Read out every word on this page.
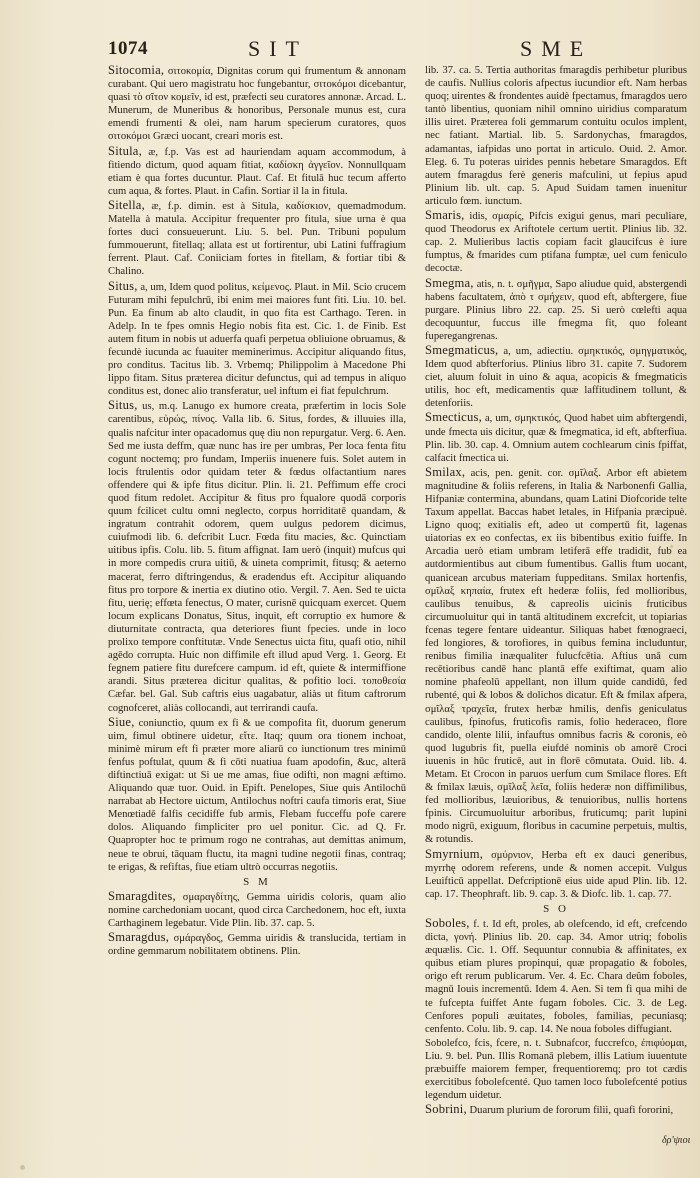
1074	SIT	SME

Sitocomia, σιτοκομία, Dignitas corum qui frumentum & annonam curabant. Qui uero magistratu hoc fungebantur, σιτοκόμοι dicebantur, quasi τὸ σῖτον κομεῖν, id est, præfecti seu curatores annonæ. Arcad. L. Munerum, de Muneribus & honoribus, Personale munus est, cura emendi frumenti & olei, nam harum specierum curatores, quos σιτοκόμοι Græci uocant, creari moris est.

Situla, æ, f.p. Vas est ad hauriendam aquam accommodum, à fitiendo dictum, quod aquam fitiat, καδίσκη ἀγγεῖον. Nonnullquam etiam è qua fortes ducuntur. Plaut. Caf. Et fitulā huc tecum afferto cum aqua, & fortes. Plaut. in Cafin. Sortiar il la in fitula.

Sitella, æ, f.p. dimin. est à Situla, καδίσκιον, quemadmodum. Matella à matula. Accipitur frequenter pro fitula, siue urna è qua fortes duci consueuerunt. Liu. 5. bel. Pun. Tribuni populum fummouerunt, fitellaq; allata est ut fortirentur, ubi Latini fuffragium ferrent. Plaut. Caf. Coniiciam fortes in fitellam, & fortiar tibi & Chalino.

Situs, a, um, Idem quod politus, κείμενος. Plaut. in Mil. Scio crucem Futuram mihi fepulchrū, ibi enim mei maiores funt fiti. Liu. 10. bel. Pun. Ea finum ab alto claudit, in quo fita est Carthago. Teren. in Adelp. In te fpes omnis Hegio nobis fita est. Cic. 1. de Finib. Est autem fitum in nobis ut aduerfa quafi perpetua obliuione obruamus, & fecundè iucunda ac fuauiter meminerimus. Accipitur aliquando fitus, pro conditus. Tacitus lib. 3. Vrbemq; Philippolim à Macedone Phi lippo fitam. Situs præterea dicitur defunctus, qui ad tempus in aliquo conditus est, donec alio transferatur, uel inftum ei fiat fepulchrum.

Situs, us, m.q. Lanugo ex humore creata, præfertim in locis Sole carentibus, εὐρώς, πίνος. Valla lib. 6. Situs, fordes, & illuuies illa, qualis nafcitur inter opacadomus quę diu non repurgatur. Verg. 6. Aen. Sed me iusta deffm, quæ nunc has ire per umbras, Per loca fenta fitu cogunt noctemq; pro fundam, Imperiis inuenere fuis. Solet autem in locis ftrulentis odor quidam teter & fœdus olfactantium nares offendere qui & ipfe fitus dicitur. Plin. li. 21. Peffimum effe croci quod fitum redolet. Accipitur & fitus pro fqualore quodā corporis quum fcilicet cultu omni neglecto, corpus horriditatē quandam, & ingratum contrahit odorem, quem uulgus pedorem dicimus, cuiufmodi lib. 6. defcribit Lucr. Fœda fitu macies, &c. Quinctiam uitibus ipfis. Colu. lib. 5. fitum affignat. Iam uerò (inquit) mufcus qui in more compedis crura uitiū, & uineta comprimit, fitusq; & aeterno macerat, ferro diftringendus, & eradendus eft. Accipitur aliquando fitus pro torpore & inertia ex diutino otio. Vergil. 7. Aen. Sed te uicta fitu, uerię; effœta fenectus, O mater, curisnē quicquam exercet. Quem locum explicans Donatus, Situs, inquit, eft corruptio ex humore & diuturnitate contracta, qua deteriores fiunt fpecies. unde in loco prolixo tempore conftitutæ. Vnde Senectus uicta fitu, quafi otio, nihil agēdo corrupta. Huic non diffimile eft illud apud Verg. 1. Georg. Et fegnem patiere fitu durefcere campum. id eft, quiete & intermiffione arandi. Situs præterea dicitur qualitas, & pofitio loci. τοποθεσία Cæfar. bel. Gal. Sub caftris eius uagabatur, aliàs ut fitum caftrorum cognofceret, aliàs collocandi, aut terrirandi caufa.

Siue, coniunctio, quum ex fi & ue compofita fit, duorum generum uim, fimul obtinere uidetur, εἴτε. Itaq; quum ora tionem inchoat, minimè mirum eft fi præter more aliarū co iunctionum tres minimū fenfus poftulat, quum & fi cōti nuatiua fuam apodofin, &uc, alterā diftinctiuā exigat: ut Si ue me amas, fiue odifti, non magni æftimo. Aliquando quæ tuor. Ouid. in Epift. Penelopes, Siue quis Antilochū narrabat ab Hectore uictum, Antilochus noftri caufa timoris erat, Siue Menœtiadē falfis cecidiffe fub armis, Flebam fucceffu pofe carere dolos. Aliquando fimpliciter pro uel ponitur. Cic. ad Q. Fr. Quapropter hoc te primum rogo ne contrahas, aut demittas animum, neue te obrui, tāquam fluctu, ita magni tudine negotii finas, contraq; te erigas, & refiftas, fiue etiam ultrò occurras negotiis.

S M

Smaragdites, σμαραγδίτης, Gemma uiridis coloris, quam alio nomine carchedoniam uocant, quod circa Carchedonem, hoc eft, iuxta Carthaginem legebatur. Vide Plin. lib. 37. cap. 5.

Smaragdus, σμάραγδος, Gemma uiridis & translucida, tertiam in ordine gemmarum nobilitatem obtinens. Plin.

lib. 37. ca. 5. Tertia authoritas fmaragdis perhibetur pluribus de caufis. Nullius coloris afpectus iucundior eft. Nam herbas quoq; uirentes & frondentes auidè fpectamus, fmaragdos uero tantò libentius, quoniam nihil omnino uiridius comparatum illis uiret. Præterea foli gemmarum contuitu oculos implent, nec fatiant. Martial. lib. 5. Sardonychas, fmaragdos, adamantas, iafpidas uno portat in articulo. Ouid. 2. Amor. Eleg. 6. Tu poteras uirides pennis hebetare Smaragdos. Eft autem fmaragdus ferè generis mafculini, ut fepius apud Plinium lib. ult. cap. 5. Apud Suidam tamen inuenitur articulo fœm. iunctum.

Smaris, idis, σμαρίς, Pifcis exigui genus, mari peculiare, quod Theodorus ex Ariftotele certum uertit. Plinius lib. 32. cap. 2. Mulieribus lactis copiam facit glaucifcus è iure fumptus, & fmarides cum ptifana fumptæ, uel cum feniculo decoctæ.

Smegma, atis, n. t. σμῆγμα, Sapo aliudue quid, abstergendi habens facultatem, ἀπὸ τ σμήχειν, quod eft, abftergere, fiue purgare. Plinius libro 22. cap. 25. Si uerò cœlefti aqua decoquuntur, fuccus ille fmegma fit, quo foleant fuperegangrenas.

Smegmaticus, a, um, adiectiu. σμηκτικός, σμηγματικός, Idem quod abfterforius. Plinius libro 31. capite 7. Sudorem ciet, aluum foluit in uino & aqua, acopicis & fmegmaticis utilis, hoc eft, medicamentis quæ laffitudinem tollunt, & detenforiis.

Smecticus, a, um, σμηκτικός, Quod habet uim abftergendi, unde fmecta uis dicitur, quæ & fmegmatica, id eft, abfterfiua. Plin. lib. 30. cap. 4. Omnium autem cochlearum cinis fpiffat, calfacit fmectica ui.

Smilax, acis, pen. genit. cor. σμῖλαξ. Arbor eft abietem magnitudine & foliis referens, in Italia & Narbonenfi Gallia, Hifpaniæ contermina, abundans, quam Latini Diofcoride telte Taxum appellat. Baccas habet letales, in Hifpania præcipuè. Ligno quoq; exitialis eft, adeo ut compertū fit, lagenas uiatorias ex eo confectas, ex iis bibentibus exitio fuiffe. In Arcadia uerò etiam umbram letiferā effe tradidit, fub ea autdormientibus aut cibum fumentibus. Gallis ftum uocant, quanicean arcubus materiam fuppeditans. Smilax hortenfis, σμῖλαξ κηπαία, frutex eft hederæ foliis, fed mollioribus, caulibus tenuibus, & capreolis uicinis fruticibus circumuoluitur qui in tantā altitudinem excrefcit, ut topiarias fcenas tegere fentare uideantur. Siliquas habet fœnograeci, fed longiores, & torofiores, in quibus femina includuntur, renibus fimilia inæqualiter fulucfcētia. Aftius unā cum recētioribus candē hanc plantā effe exiftimat, quam alio nomine phafeolū appellant, non illum quide candidū, fed rubenté, qui & lobos & dolichos dicatur. Eft & fmilax afpera, σμῖλαξ τραχεῖα, frutex herbæ hmilis, denfis geniculatus caulibus, fpinofus, fruticofis ramis, folio hederaceo, flore candido, olente lilii, infauftus omnibus facris & coronis, eò quod lugubris fit, puella eiufdé nominis ob amorē Croci iuuenis in hūc fruticē, aut in florē cōmutata. Ouid. lib. 4. Metam. Et Crocon in paruos uerfum cum Smilace flores. Eft & fmilax læuis, σμῖλαξ λεῖα, foliis hederæ non diffimilibus, fed mollioribus, læuioribus, & tenuioribus, nullis hortens fpinis. Circumuoluitur arboribus, fruticumq; parit lupini modo nigrū, exiguum, floribus in cacumine perpetuis, multis, & rotundis.

Smyrnium, σμύρνιον, Herba eft ex dauci generibus, myrrhę odorem referens, unde & nomen accepit. Vulgus Leuifticū appellat. Defcriptionē eius uide apud Plin. lib. 12. cap. 17. Theophraft. lib. 9. cap. 3. & Diofc. lib. 1. cap. 77.

S O

Soboles, f. t. Id eft, proles, ab olefcendo, id eft, crefcendo dicta, γονή. Plinius lib. 20. cap. 34. Amor utriq; fobolis æquælis. Cic. 1. Off. Sequuntur connubia & affinitates, ex quibus etiam plures propinqui, quæ propagatio & foboles, origo eft rerum publicarum. Ver. 4. Ec. Chara deûm foboles, magnū Iouis incrementū. Idem 4. Aen. Si tem fi qua mihi de te fufcepta fuiffet Ante fugam foboles. Cic. 3. de Leg. Cenfores populi æuitates, foboles, familias, pecuniasq; cenfento. Colu. lib. 9. cap. 14. Ne noua foboles diffugiant.

Sobolefco, fcis, fcere, n. t. Subnafcor, fuccrefco, ἐπιφύομαι, Liu. 9. bel. Pun. Illis Romanā plebem, illis Latium iuuentute præbuiffe maiorem femper, frequentioremq; pro tot cædis exercitibus fobolefcenté. Quo tamen loco fubolefcenté potius legendum uidetur.

Sobrini, Duarum plurium de fororum filii, quafi fororini,

δρ'ψιοι
